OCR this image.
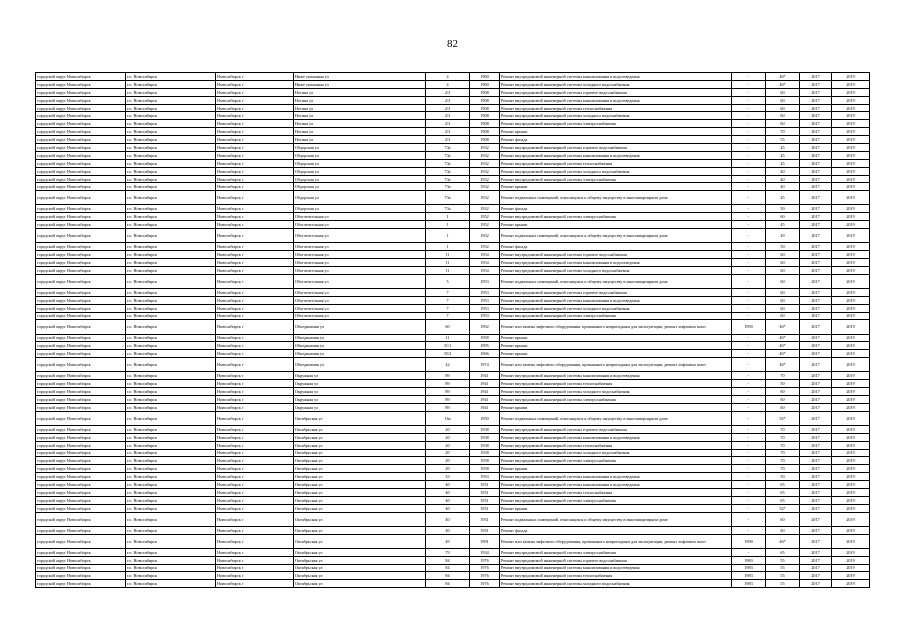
82
городской округ Новосибирск	г.о. Новосибирск	Новосибирск г	Ниже указанная ул	4	1960	Ремонт внутридомовой инженерной системы канализования и водоотведения	-	46*	2017	2019
городской округ Новосибирск	г.о. Новосибирск	Новосибирск г	Ниже указанная ул	4	1960	Ремонт внутридомовой инженерной системы холодного водоснабжения	-	46*	2017	2019
городской округ Новосибирск	г.о. Новосибирск	Новосибирск г	Ногина ул	2/3	1908	Ремонт внутридомовой инженерной системы горячего водоснабжения	-	60	2017	2019
городской округ Новосибирск	г.о. Новосибирск	Новосибирск г	Ногина ул	2/3	1908	Ремонт внутридомовой инженерной системы канализования и водоотведения	-	60	2017	2019
городской округ Новосибирск	г.о. Новосибирск	Новосибирск г	Ногина ул	2/3	1908	Ремонт внутридомовой инженерной системы теплоснабжения	-	60	2017	2019
городской округ Новосибирск	г.о. Новосибирск	Новосибирск г	Ногина ул	2/3	1908	Ремонт внутридомовой инженерной системы холодного водоснабжения	-	60	2017	2019
городской округ Новосибирск	г.о. Новосибирск	Новосибирск г	Ногина ул	2/3	1908	Ремонт внутридомовой инженерной системы электроснабжения	-	60	2017	2019
городской округ Новосибирск	г.о. Новосибирск	Новосибирск г	Ногина ул	2/3	1908	Ремонт крыши	-	70	2017	2019
городской округ Новосибирск	г.о. Новосибирск	Новосибирск г	Ногина ул	2/3	1908	Ремонт фасада	-	55	2017	2019
городской округ Новосибирск	г.о. Новосибирск	Новосибирск г	Обдорская ул	73а	1932	Ремонт внутридомовой инженерной системы горячего водоснабжения	-	45	2017	2019
городской округ Новосибирск	г.о. Новосибирск	Новосибирск г	Обдорская ул	73а	1932	Ремонт внутридомовой инженерной системы канализования и водоотведения	-	45	2017	2019
городской округ Новосибирск	г.о. Новосибирск	Новосибирск г	Обдорская ул	73а	1932	Ремонт внутридомовой инженерной системы теплоснабжения	-	45	2017	2019
городской округ Новосибирск	г.о. Новосибирск	Новосибирск г	Обдорская ул	73а	1932	Ремонт внутридомовой инженерной системы холодного водоснабжения	-	40	2017	2019
городской округ Новосибирск	г.о. Новосибирск	Новосибирск г	Обдорская ул	73а	1932	Ремонт внутридомовой инженерной системы электроснабжения	-	40	2017	2019
городской округ Новосибирск	г.о. Новосибирск	Новосибирск г	Обдорская ул	73а	1932	Ремонт крыши	-	40	2017	2019
городской округ Новосибирск	г.о. Новосибирск	Новосибирск г	Обдорская ул	73а	1932	Ремонт подвальных помещений, относящихся к общему имуществу в многоквартирном доме	-	45	2017	2019
городской округ Новосибирск	г.о. Новосибирск	Новосибирск г	Обдорская ул	73а	1932	Ремонт фасада	-	50	2017	2019
городской округ Новосибирск	г.о. Новосибирск	Новосибирск г	Обогатительная ул	1	1952	Ремонт внутридомовой инженерной системы электроснабжения	-	60	2017	2019
городской округ Новосибирск	г.о. Новосибирск	Новосибирск г	Обогатительная ул	1	1952	Ремонт крыши	-	45	2017	2019
городской округ Новосибирск	г.о. Новосибирск	Новосибирск г	Обогатительная ул	1	1952	Ремонт подвальных помещений, относящихся к общему имуществу в многоквартирном доме	-	49	2017	2019
городской округ Новосибирск	г.о. Новосибирск	Новосибирск г	Обогатительная ул	1	1952	Ремонт фасада	-	50	2017	2019
городской округ Новосибирск	г.о. Новосибирск	Новосибирск г	Обогатительная ул	11	1954	Ремонт внутридомовой инженерной системы горячего водоснабжения	-	60	2017	2019
городской округ Новосибирск	г.о. Новосибирск	Новосибирск г	Обогатительная ул	11	1954	Ремонт внутридомовой инженерной системы канализования и водоотведения	-	60	2017	2019
городской округ Новосибирск	г.о. Новосибирск	Новосибирск г	Обогатительная ул	11	1954	Ремонт внутридомовой инженерной системы холодного водоснабжения	-	60	2017	2019
городской округ Новосибирск	г.о. Новосибирск	Новосибирск г	Обогатительная ул	5	1953	Ремонт подвальных помещений, относящихся к общему имуществу в многоквартирном доме	-	60	2017	2019
городской округ Новосибирск	г.о. Новосибирск	Новосибирск г	Обогатительная ул	7	1953	Ремонт внутридомовой инженерной системы горячего водоснабжения	-	60	2017	2019
городской округ Новосибирск	г.о. Новосибирск	Новосибирск г	Обогатительная ул	7	1953	Ремонт внутридомовой инженерной системы канализования и водоотведения	-	60	2017	2019
городской округ Новосибирск	г.о. Новосибирск	Новосибирск г	Обогатительная ул	7	1953	Ремонт внутридомовой инженерной системы холодного водоснабжения	-	60	2017	2019
городской округ Новосибирск	г.о. Новосибирск	Новосибирск г	Обогатительная ул	7	1953	Ремонт внутридомовой инженерной системы электроснабжения	-	60	2017	2019
городской округ Новосибирск	г.о. Новосибирск	Новосибирск г	Объединения ул	60	1992	Ремонт или замена лифтового оборудования, признанного непригодным для эксплуатации, ремонт лифтовых шахт	1990	46*	2017	2019
городской округ Новосибирск	г.о. Новосибирск	Новосибирск г	Объединения ул	11	1958	Ремонт крыши	-	46*	2017	2019
городской округ Новосибирск	г.о. Новосибирск	Новосибирск г	Объединения ул	31/1	1995	Ремонт крыши	-	46*	2017	2019
городской округ Новосибирск	г.о. Новосибирск	Новосибирск г	Объединения ул	35/2	1966	Ремонт крыши	-	46*	2017	2019
городской округ Новосибирск	г.о. Новосибирск	Новосибирск г	Объединения ул	42	1974	Ремонт или замена лифтового оборудования, признанного непригодным для эксплуатации, ремонт лифтовых шахт	-	46*	2017	2019
городской округ Новосибирск	г.о. Новосибирск	Новосибирск г	Окружная ул	89	1941	Ремонт внутридомовой инженерной системы канализования и водоотведения	-	70	2017	2019
городской округ Новосибирск	г.о. Новосибирск	Новосибирск г	Окружная ул	89	1941	Ремонт внутридомовой инженерной системы теплоснабжения	-	50	2017	2019
городской округ Новосибирск	г.о. Новосибирск	Новосибирск г	Окружная ул	89	1941	Ремонт внутридомовой инженерной системы холодного водоснабжения	-	60	2017	2019
городской округ Новосибирск	г.о. Новосибирск	Новосибирск г	Окружная ул	89	1941	Ремонт внутридомовой инженерной системы электроснабжения	-	60	2017	2019
городской округ Новосибирск	г.о. Новосибирск	Новосибирск г	Окружная ул	89	1941	Ремонт крыши	-	60	2017	2019
городской округ Новосибирск	г.о. Новосибирск	Новосибирск г	Октябрьская ул	16а	1950	Ремонт подвальных помещений, относящихся к общему имуществу в многоквартирном доме	-	52*	2017	2019
городской округ Новосибирск	г.о. Новосибирск	Новосибирск г	Октябрьская ул	20	1938	Ремонт внутридомовой инженерной системы горячего водоснабжения	-	70	2017	2019
городской округ Новосибирск	г.о. Новосибирск	Новосибирск г	Октябрьская ул	20	1938	Ремонт внутридомовой инженерной системы канализования и водоотведения	-	70	2017	2019
городской округ Новосибирск	г.о. Новосибирск	Новосибирск г	Октябрьская ул	20	1938	Ремонт внутридомовой инженерной системы теплоснабжения	-	70	2017	2019
городской округ Новосибирск	г.о. Новосибирск	Новосибирск г	Октябрьская ул	20	1938	Ремонт внутридомовой инженерной системы холодного водоснабжения	-	70	2017	2019
городской округ Новосибирск	г.о. Новосибирск	Новосибирск г	Октябрьская ул	20	1938	Ремонт внутридомовой инженерной системы электроснабжения	-	70	2017	2019
городской округ Новосибирск	г.о. Новосибирск	Новосибирск г	Октябрьская ул	20	1938	Ремонт крыши	-	70	2017	2019
городской округ Новосибирск	г.о. Новосибирск	Новосибирск г	Октябрьская ул	33	1933	Ремонт внутридомовой инженерной системы канализования и водоотведения	-	50	2017	2019
городской округ Новосибирск	г.о. Новосибирск	Новосибирск г	Октябрьская ул	40	1931	Ремонт внутридомовой инженерной системы канализования и водоотведения	-	65	2017	2019
городской округ Новосибирск	г.о. Новосибирск	Новосибирск г	Октябрьская ул	40	1931	Ремонт внутридомовой инженерной системы теплоснабжения	-	65	2017	2019
городской округ Новосибирск	г.о. Новосибирск	Новосибирск г	Октябрьская ул	40	1931	Ремонт внутридомовой инженерной системы электроснабжения	-	65	2017	2019
городской округ Новосибирск	г.о. Новосибирск	Новосибирск г	Октябрьская ул	40	1931	Ремонт крыши	-	52*	2017	2019
городской округ Новосибирск	г.о. Новосибирск	Новосибирск г	Октябрьская ул	40	1931	Ремонт подвальных помещений, относящихся к общему имуществу в многоквартирном доме	-	60	2017	2019
городской округ Новосибирск	г.о. Новосибирск	Новосибирск г	Октябрьская ул	40	1931	Ремонт фасада	-	60	2017	2019
городской округ Новосибирск	г.о. Новосибирск	Новосибирск г	Октябрьская ул	49	1991	Ремонт или замена лифтового оборудования, признанного непригодным для эксплуатации, ремонт лифтовых шахт	1990	46*	2017	2019
городской округ Новосибирск	г.о. Новосибирск	Новосибирск г	Октябрьская ул	79	1934	Ремонт внутридомовой инженерной системы электроснабжения	-	65	2017	2019
городской округ Новосибирск	г.о. Новосибирск	Новосибирск г	Октябрьская ул	84	1976	Ремонт внутридомовой инженерной системы горячего водоснабжения	1983	55	2017	2019
городской округ Новосибирск	г.о. Новосибирск	Новосибирск г	Октябрьская ул	84	1976	Ремонт внутридомовой инженерной системы канализования и водоотведения	1983	55	2017	2019
городской округ Новосибирск	г.о. Новосибирск	Новосибирск г	Октябрьская ул	84	1976	Ремонт внутридомовой инженерной системы теплоснабжения	1983	55	2017	2019
городской округ Новосибирск	г.о. Новосибирск	Новосибирск г	Октябрьская ул	84	1976	Ремонт внутридомовой инженерной системы холодного водоснабжения	1983	55	2017	2019
